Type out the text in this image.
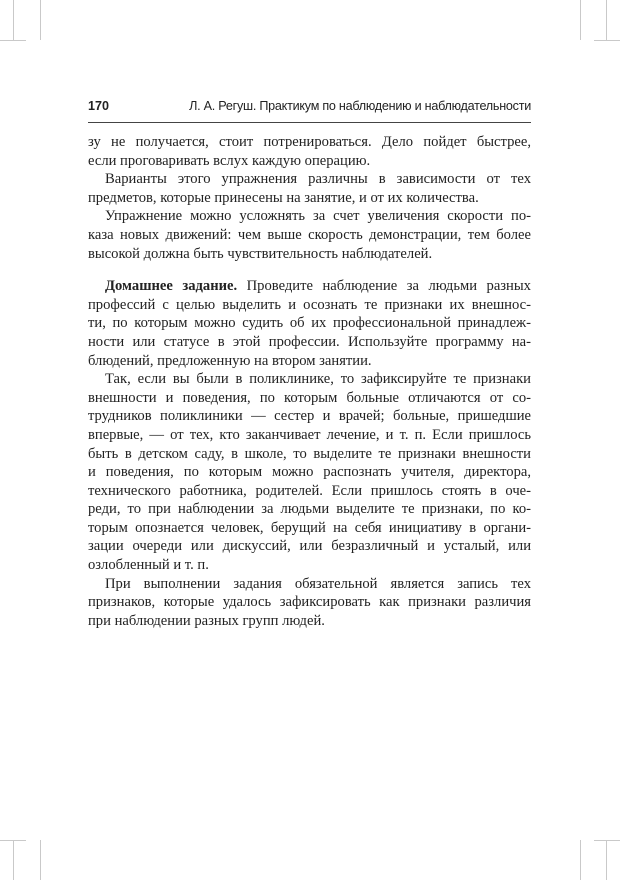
170	Л. А. Регуш. Практикум по наблюдению и наблюдательности
зу не получается, стоит потренироваться. Дело пойдет быстрее,
если проговаривать вслух каждую операцию.
Варианты этого упражнения различны в зависимости от тех
предметов, которые принесены на занятие, и от их количества.
Упражнение можно усложнять за счет увеличения скорости по-
каза новых движений: чем выше скорость демонстрации, тем более
высокой должна быть чувствительность наблюдателей.
Домашнее задание. Проведите наблюдение за людьми разных
профессий с целью выделить и осознать те признаки их внешнос-
ти, по которым можно судить об их профессиональной принадлеж-
ности или статусе в этой профессии. Используйте программу на-
блюдений, предложенную на втором занятии.
Так, если вы были в поликлинике, то зафиксируйте те признаки
внешности и поведения, по которым больные отличаются от со-
трудников поликлиники — сестер и врачей; больные, пришедшие
впервые, — от тех, кто заканчивает лечение, и т. п. Если пришлось
быть в детском саду, в школе, то выделите те признаки внешности
и поведения, по которым можно распознать учителя, директора,
технического работника, родителей. Если пришлось стоять в оче-
реди, то при наблюдении за людьми выделите те признаки, по ко-
торым опознается человек, берущий на себя инициативу в органи-
зации очереди или дискуссий, или безразличный и усталый, или
озлобленный и т. п.
При выполнении задания обязательной является запись тех
признаков, которые удалось зафиксировать как признаки различия
при наблюдении разных групп людей.
